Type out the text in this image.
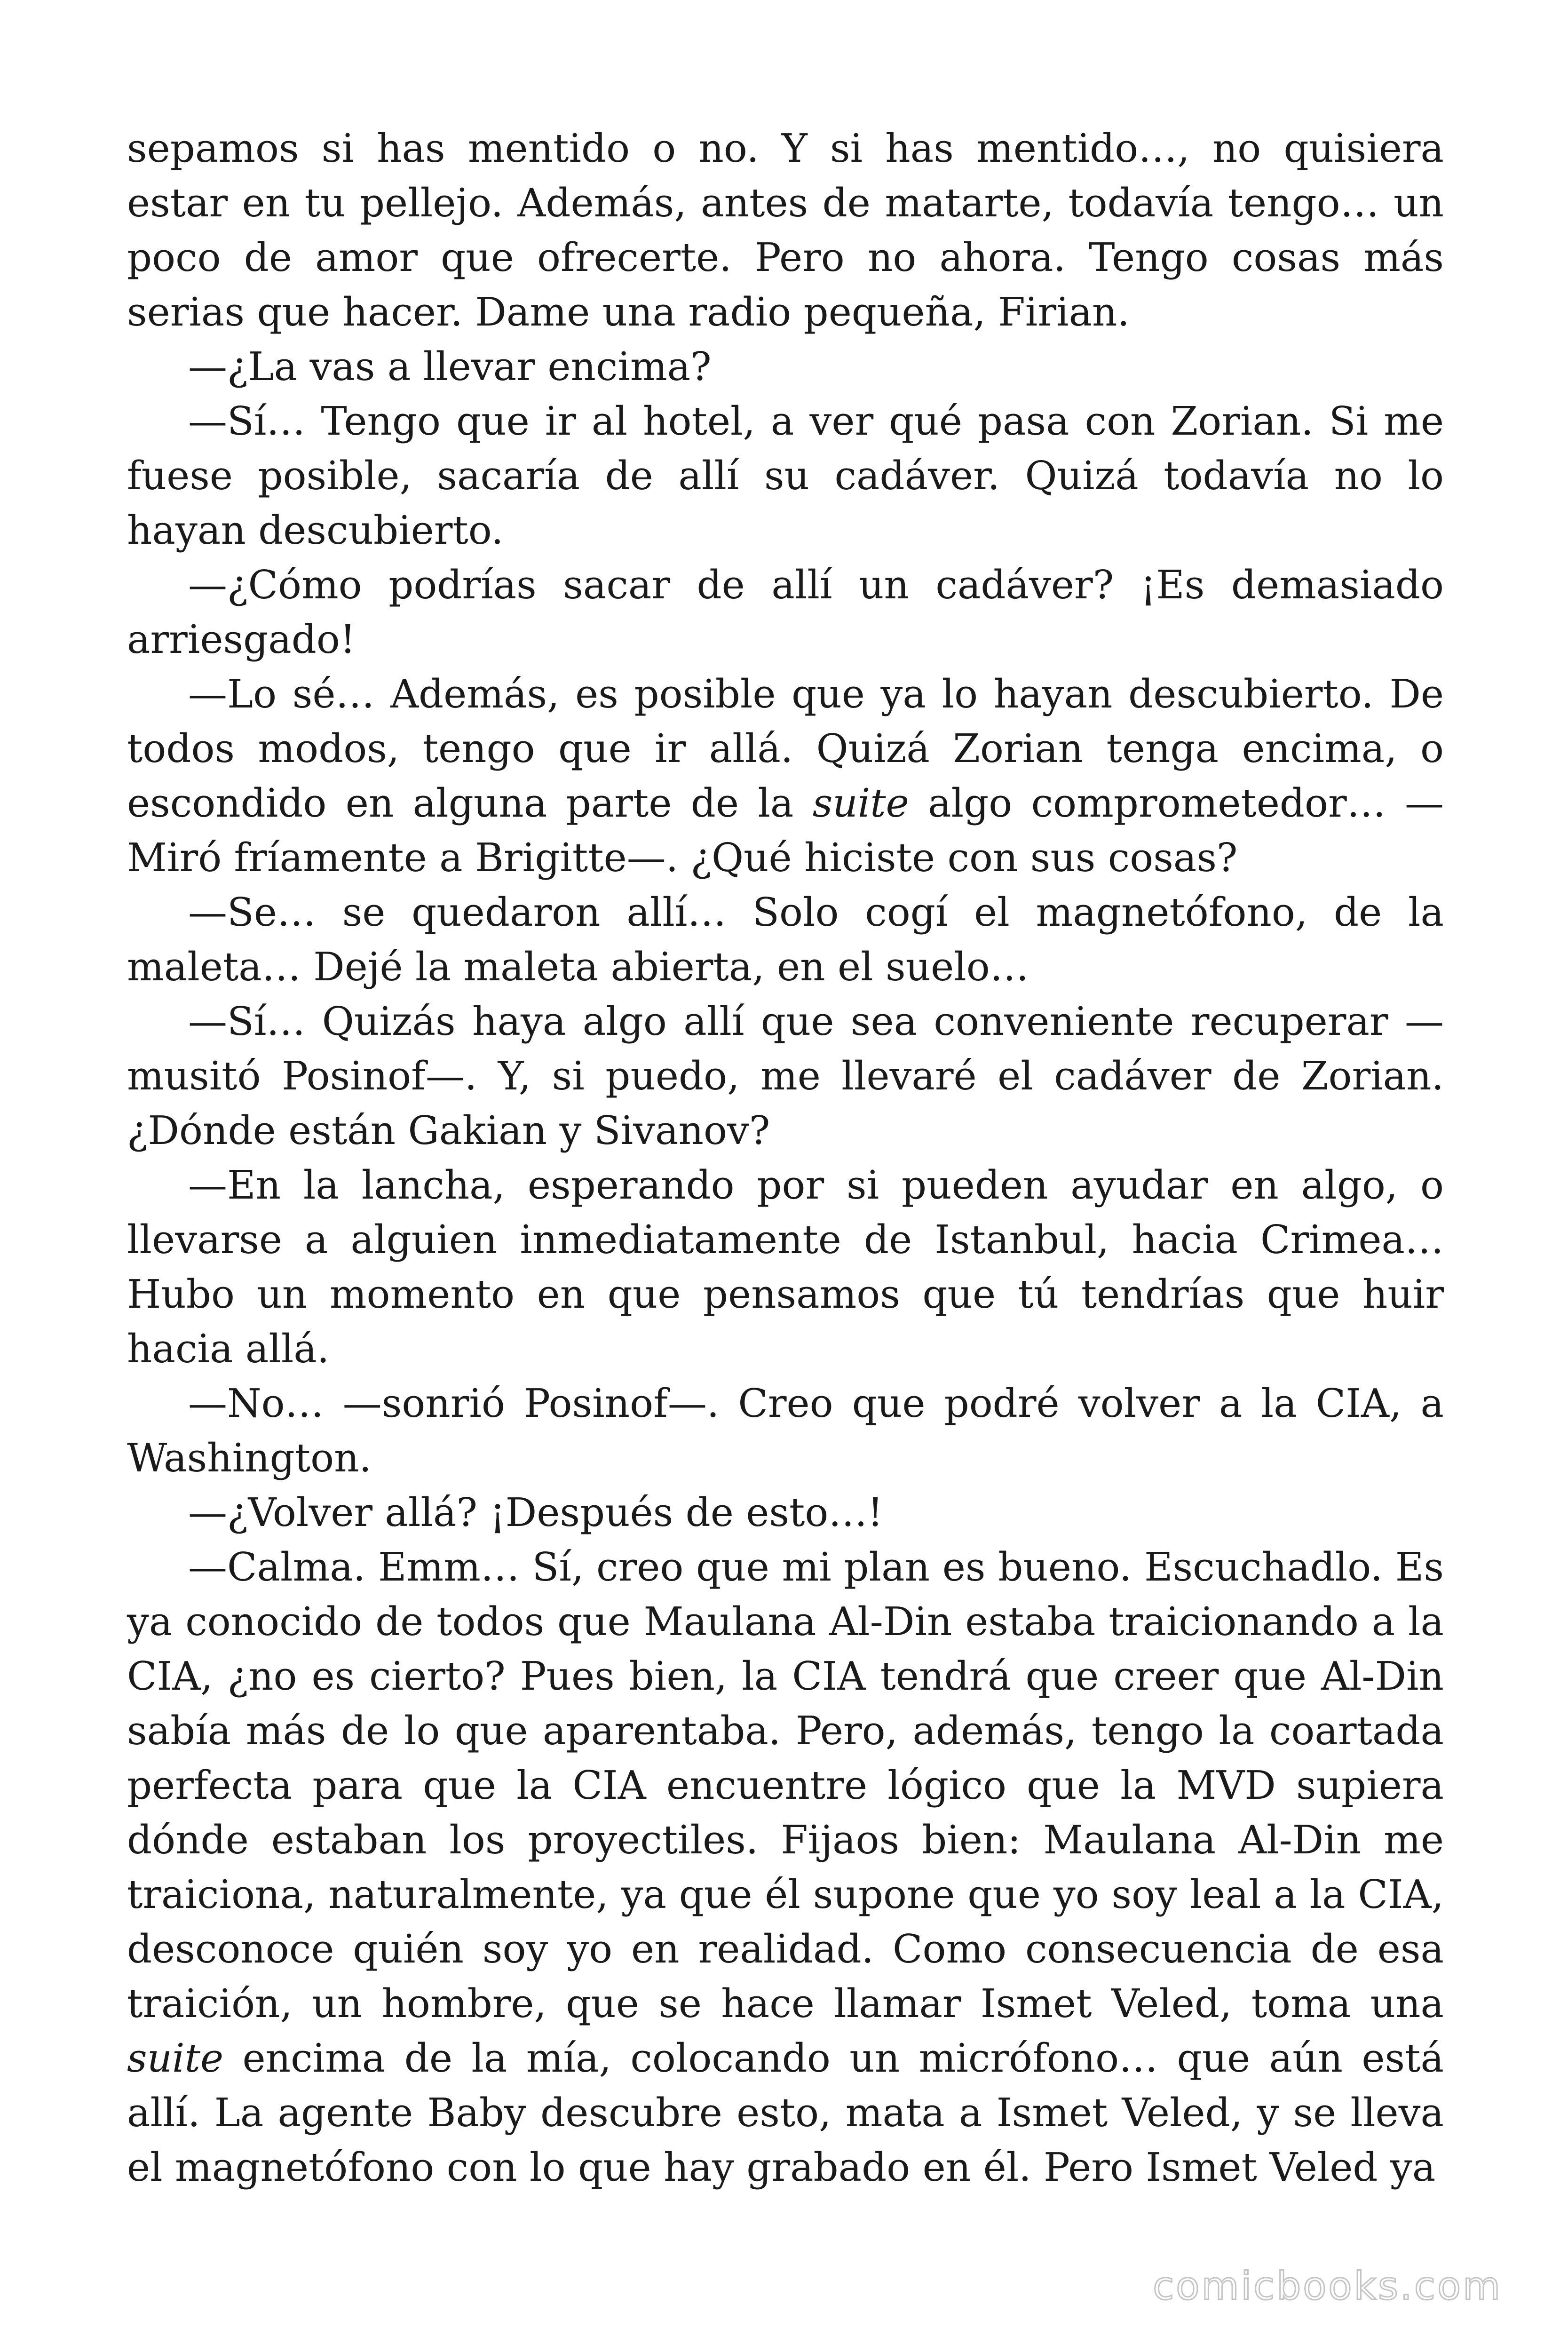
sepamos si has mentido o no. Y si has mentido…, no quisiera estar en tu pellejo. Además, antes de matarte, todavía tengo… un poco de amor que ofrecerte. Pero no ahora. Tengo cosas más serias que hacer. Dame una radio pequeña, Firian.

—¿La vas a llevar encima?

—Sí… Tengo que ir al hotel, a ver qué pasa con Zorian. Si me fuese posible, sacaría de allí su cadáver. Quizá todavía no lo hayan descubierto.

—¿Cómo podrías sacar de allí un cadáver? ¡Es demasiado arriesgado!

—Lo sé… Además, es posible que ya lo hayan descubierto. De todos modos, tengo que ir allá. Quizá Zorian tenga encima, o escondido en alguna parte de la suite algo comprometedor… —Miró fríamente a Brigitte—. ¿Qué hiciste con sus cosas?

—Se… se quedaron allí… Solo cogí el magnetófono, de la maleta… Dejé la maleta abierta, en el suelo…

—Sí… Quizás haya algo allí que sea conveniente recuperar —musitó Posinof—. Y, si puedo, me llevaré el cadáver de Zorian. ¿Dónde están Gakian y Sivanov?

—En la lancha, esperando por si pueden ayudar en algo, o llevarse a alguien inmediatamente de Istanbul, hacia Crimea… Hubo un momento en que pensamos que tú tendrías que huir hacia allá.

—No… —sonrió Posinof—. Creo que podré volver a la CIA, a Washington.

—¿Volver allá? ¡Después de esto…!

—Calma. Emm… Sí, creo que mi plan es bueno. Escuchadlo. Es ya conocido de todos que Maulana Al-Din estaba traicionando a la CIA, ¿no es cierto? Pues bien, la CIA tendrá que creer que Al-Din sabía más de lo que aparentaba. Pero, además, tengo la coartada perfecta para que la CIA encuentre lógico que la MVD supiera dónde estaban los proyectiles. Fijaos bien: Maulana Al-Din me traiciona, naturalmente, ya que él supone que yo soy leal a la CIA, desconoce quién soy yo en realidad. Como consecuencia de esa traición, un hombre, que se hace llamar Ismet Veled, toma una suite encima de la mía, colocando un micrófono… que aún está allí. La agente Baby descubre esto, mata a Ismet Veled, y se lleva el magnetófono con lo que hay grabado en él. Pero Ismet Veled ya

comicbooks.com
